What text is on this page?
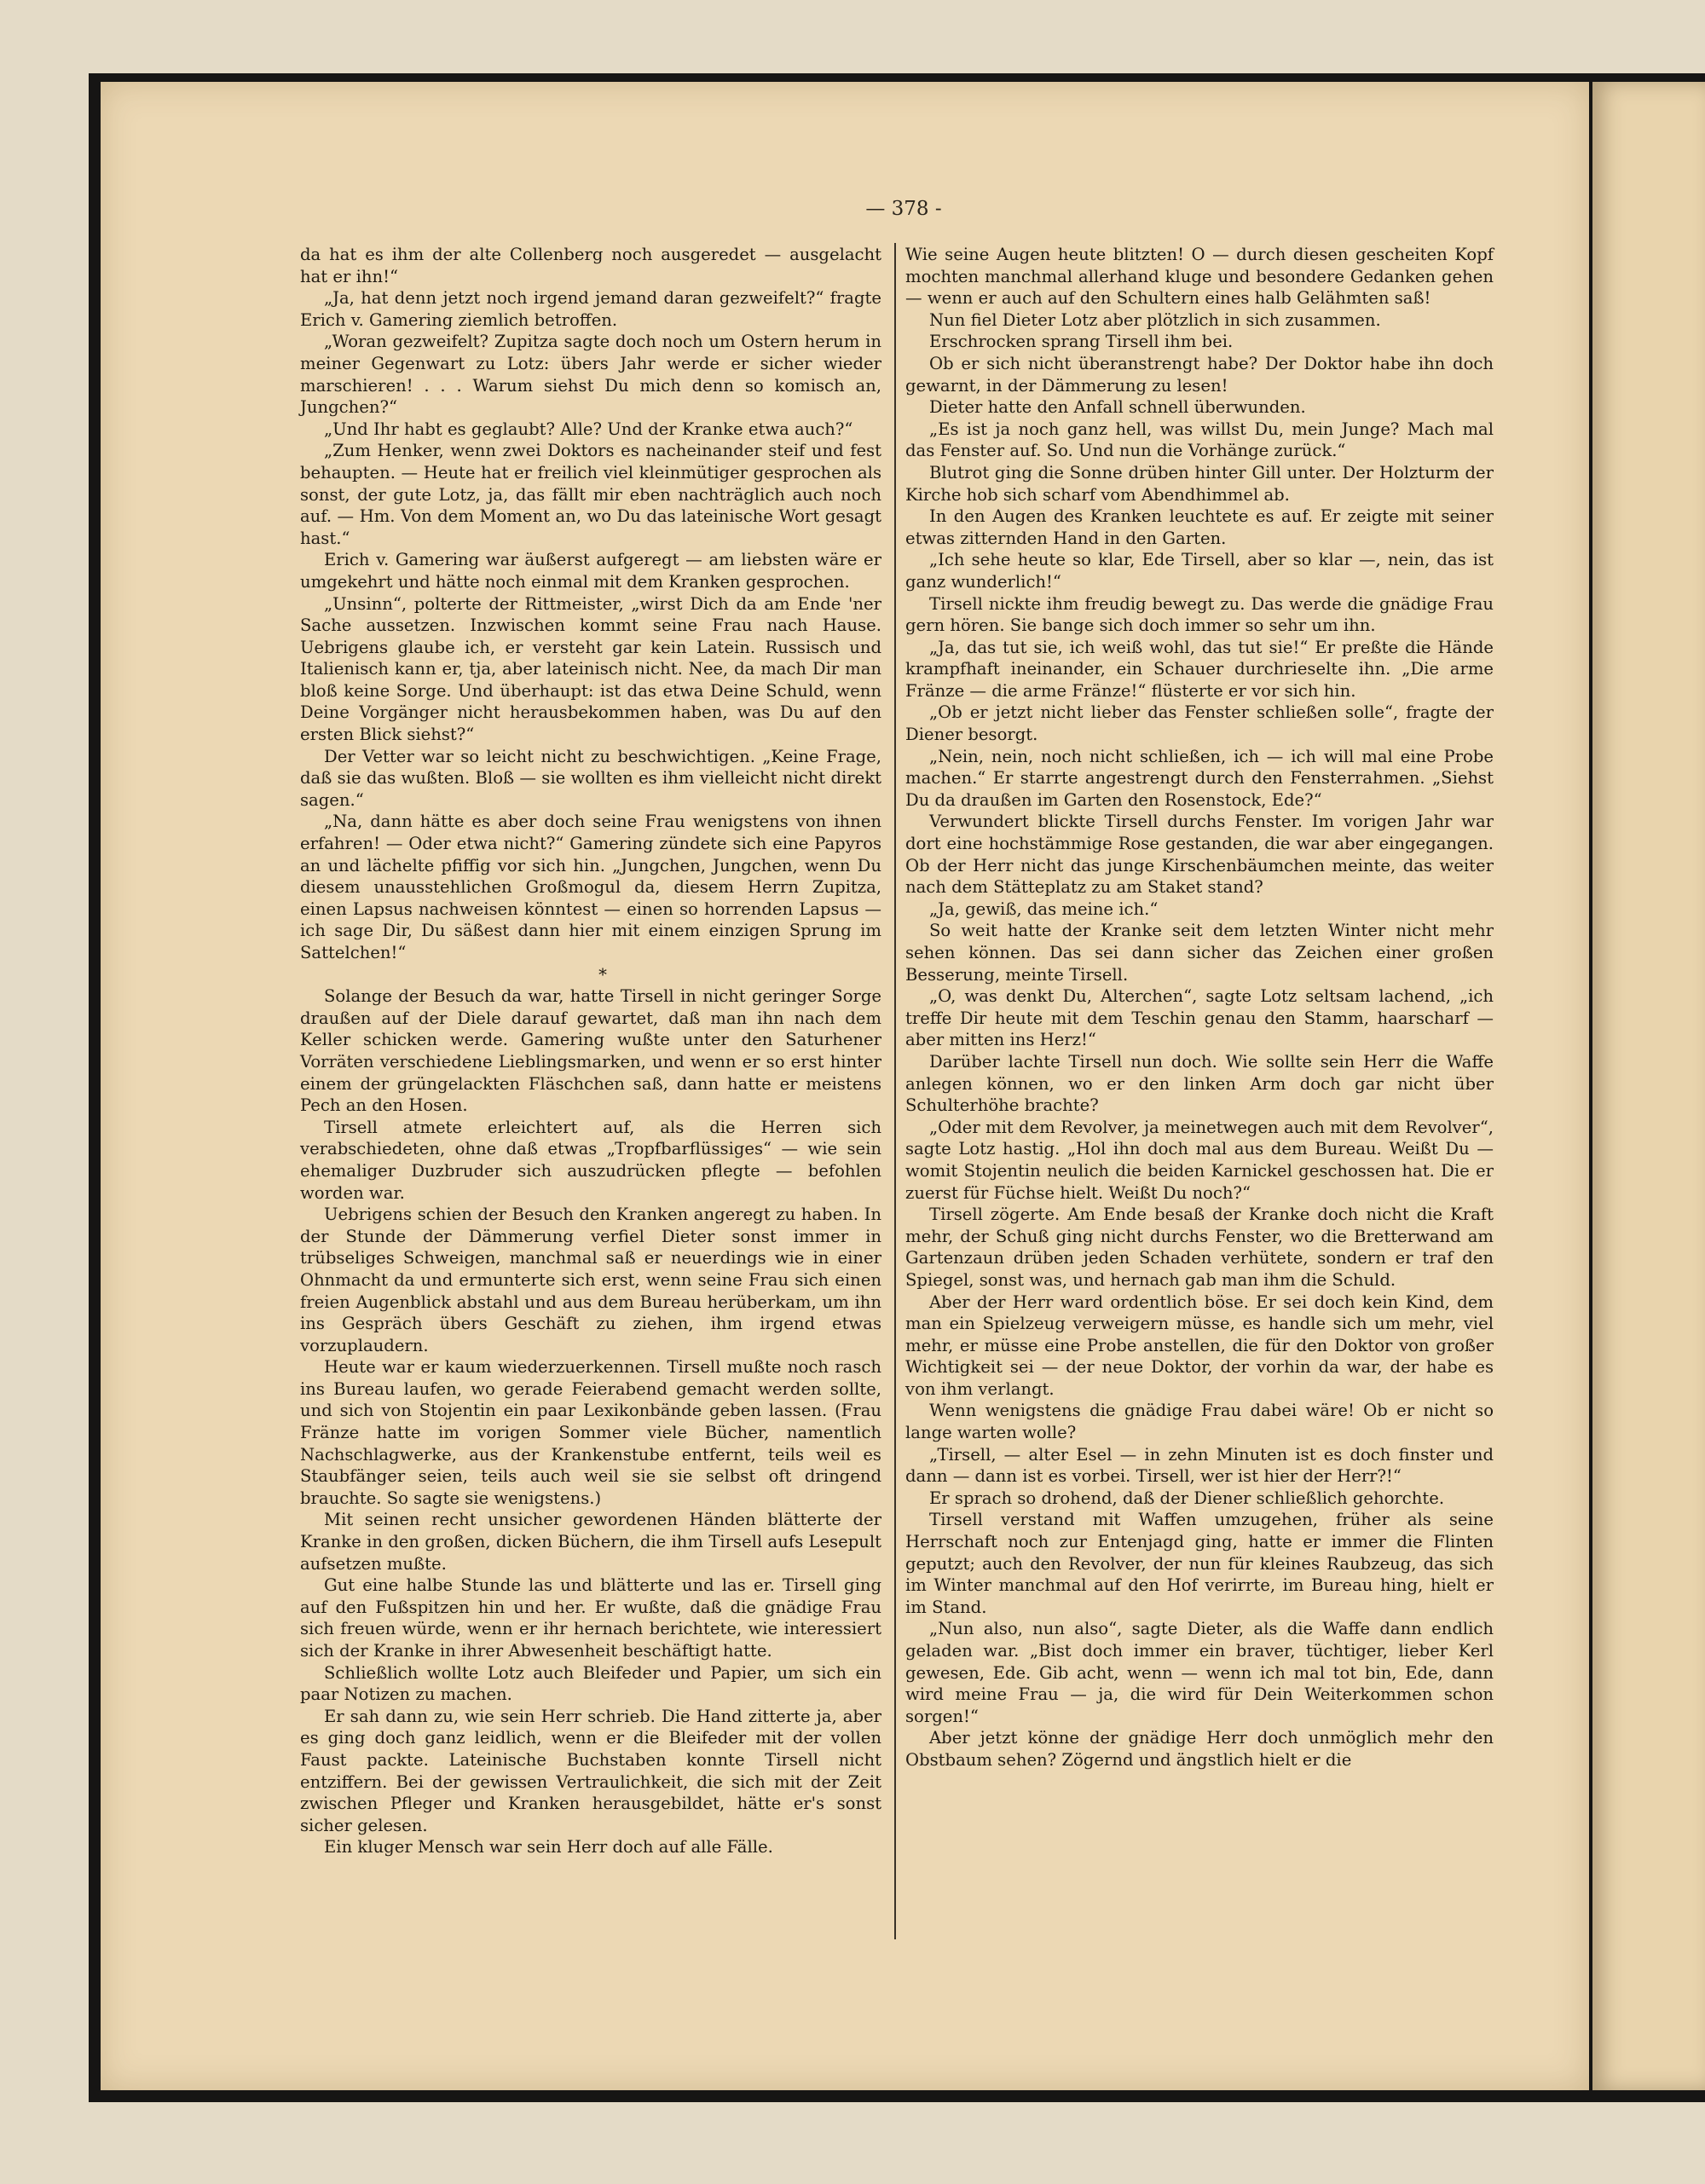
— 378 -

da hat es ihm der alte Collenberg noch ausgeredet — ausgelacht hat er ihn!“

„Ja, hat denn jetzt noch irgend jemand daran gezweifelt?“ fragte Erich v. Gamering ziemlich betroffen.

„Woran gezweifelt? Zupitza sagte doch noch um Ostern herum in meiner Gegenwart zu Lotz: übers Jahr werde er sicher wieder marschieren! . . . Warum siehst Du mich denn so komisch an, Jungchen?“

„Und Ihr habt es geglaubt? Alle? Und der Kranke etwa auch?“

„Zum Henker, wenn zwei Doktors es nacheinander steif und fest behaupten. — Heute hat er freilich viel kleinmütiger gesprochen als sonst, der gute Lotz, ja, das fällt mir eben nachträglich auch noch auf. — Hm. Von dem Moment an, wo Du das lateinische Wort gesagt hast.“

Erich v. Gamering war äußerst aufgeregt — am liebsten wäre er umgekehrt und hätte noch einmal mit dem Kranken gesprochen.

„Unsinn“, polterte der Rittmeister, „wirst Dich da am Ende 'ner Sache aussetzen. Inzwischen kommt seine Frau nach Hause. Uebrigens glaube ich, er versteht gar kein Latein. Russisch und Italienisch kann er, tja, aber lateinisch nicht. Nee, da mach Dir man bloß keine Sorge. Und überhaupt: ist das etwa Deine Schuld, wenn Deine Vorgänger nicht herausbekommen haben, was Du auf den ersten Blick siehst?“

Der Vetter war so leicht nicht zu beschwichtigen. „Keine Frage, daß sie das wußten. Bloß — sie wollten es ihm vielleicht nicht direkt sagen.“

„Na, dann hätte es aber doch seine Frau wenigstens von ihnen erfahren! — Oder etwa nicht?“ Gamering zündete sich eine Papyros an und lächelte pfiffig vor sich hin. „Jungchen, Jungchen, wenn Du diesem unausstehlichen Großmogul da, diesem Herrn Zupitza, einen Lapsus nachweisen könntest — einen so horrenden Lapsus — ich sage Dir, Du säßest dann hier mit einem einzigen Sprung im Sattelchen!“

*

Solange der Besuch da war, hatte Tirsell in nicht geringer Sorge draußen auf der Diele darauf gewartet, daß man ihn nach dem Keller schicken werde. Gamering wußte unter den Saturhener Vorräten verschiedene Lieblingsmarken, und wenn er so erst hinter einem der grüngelackten Fläschchen saß, dann hatte er meistens Pech an den Hosen.

Tirsell atmete erleichtert auf, als die Herren sich verabschiedeten, ohne daß etwas „Tropfbarflüssiges“ — wie sein ehemaliger Duzbruder sich auszudrücken pflegte — befohlen worden war.

Uebrigens schien der Besuch den Kranken angeregt zu haben. In der Stunde der Dämmerung verfiel Dieter sonst immer in trübseliges Schweigen, manchmal saß er neuerdings wie in einer Ohnmacht da und ermunterte sich erst, wenn seine Frau sich einen freien Augenblick abstahl und aus dem Bureau herüberkam, um ihn ins Gespräch übers Geschäft zu ziehen, ihm irgend etwas vorzuplaudern.

Heute war er kaum wiederzuerkennen. Tirsell mußte noch rasch ins Bureau laufen, wo gerade Feierabend gemacht werden sollte, und sich von Stojentin ein paar Lexikonbände geben lassen. (Frau Fränze hatte im vorigen Sommer viele Bücher, namentlich Nachschlagwerke, aus der Krankenstube entfernt, teils weil es Staubfänger seien, teils auch weil sie sie selbst oft dringend brauchte. So sagte sie wenigstens.)

Mit seinen recht unsicher gewordenen Händen blätterte der Kranke in den großen, dicken Büchern, die ihm Tirsell aufs Lesepult aufsetzen mußte.

Gut eine halbe Stunde las und blätterte und las er. Tirsell ging auf den Fußspitzen hin und her. Er wußte, daß die gnädige Frau sich freuen würde, wenn er ihr hernach berichtete, wie interessiert sich der Kranke in ihrer Abwesenheit beschäftigt hatte.

Schließlich wollte Lotz auch Bleifeder und Papier, um sich ein paar Notizen zu machen.

Er sah dann zu, wie sein Herr schrieb. Die Hand zitterte ja, aber es ging doch ganz leidlich, wenn er die Bleifeder mit der vollen Faust packte. Lateinische Buchstaben konnte Tirsell nicht entziffern. Bei der gewissen Vertraulichkeit, die sich mit der Zeit zwischen Pfleger und Kranken herausgebildet, hätte er's sonst sicher gelesen.

Ein kluger Mensch war sein Herr doch auf alle Fälle.

Wie seine Augen heute blitzten! O — durch diesen gescheiten Kopf mochten manchmal allerhand kluge und besondere Gedanken gehen — wenn er auch auf den Schultern eines halb Gelähmten saß!

Nun fiel Dieter Lotz aber plötzlich in sich zusammen.

Erschrocken sprang Tirsell ihm bei.

Ob er sich nicht überanstrengt habe? Der Doktor habe ihn doch gewarnt, in der Dämmerung zu lesen!

Dieter hatte den Anfall schnell überwunden.

„Es ist ja noch ganz hell, was willst Du, mein Junge? Mach mal das Fenster auf. So. Und nun die Vorhänge zurück.“

Blutrot ging die Sonne drüben hinter Gill unter. Der Holzturm der Kirche hob sich scharf vom Abendhimmel ab.

In den Augen des Kranken leuchtete es auf. Er zeigte mit seiner etwas zitternden Hand in den Garten.

„Ich sehe heute so klar, Ede Tirsell, aber so klar —, nein, das ist ganz wunderlich!“

Tirsell nickte ihm freudig bewegt zu. Das werde die gnädige Frau gern hören. Sie bange sich doch immer so sehr um ihn.

„Ja, das tut sie, ich weiß wohl, das tut sie!“ Er preßte die Hände krampfhaft ineinander, ein Schauer durchrieselte ihn. „Die arme Fränze — die arme Fränze!“ flüsterte er vor sich hin.

„Ob er jetzt nicht lieber das Fenster schließen solle“, fragte der Diener besorgt.

„Nein, nein, noch nicht schließen, ich — ich will mal eine Probe machen.“ Er starrte angestrengt durch den Fensterrahmen. „Siehst Du da draußen im Garten den Rosenstock, Ede?“

Verwundert blickte Tirsell durchs Fenster. Im vorigen Jahr war dort eine hochstämmige Rose gestanden, die war aber eingegangen. Ob der Herr nicht das junge Kirschenbäumchen meinte, das weiter nach dem Stätteplatz zu am Staket stand?

„Ja, gewiß, das meine ich.“

So weit hatte der Kranke seit dem letzten Winter nicht mehr sehen können. Das sei dann sicher das Zeichen einer großen Besserung, meinte Tirsell.

„O, was denkt Du, Alterchen“, sagte Lotz seltsam lachend, „ich treffe Dir heute mit dem Teschin genau den Stamm, haarscharf — aber mitten ins Herz!“

Darüber lachte Tirsell nun doch. Wie sollte sein Herr die Waffe anlegen können, wo er den linken Arm doch gar nicht über Schulterhöhe brachte?

„Oder mit dem Revolver, ja meinetwegen auch mit dem Revolver“, sagte Lotz hastig. „Hol ihn doch mal aus dem Bureau. Weißt Du — womit Stojentin neulich die beiden Karnickel geschossen hat. Die er zuerst für Füchse hielt. Weißt Du noch?“

Tirsell zögerte. Am Ende besaß der Kranke doch nicht die Kraft mehr, der Schuß ging nicht durchs Fenster, wo die Bretterwand am Gartenzaun drüben jeden Schaden verhütete, sondern er traf den Spiegel, sonst was, und hernach gab man ihm die Schuld.

Aber der Herr ward ordentlich böse. Er sei doch kein Kind, dem man ein Spielzeug verweigern müsse, es handle sich um mehr, viel mehr, er müsse eine Probe anstellen, die für den Doktor von großer Wichtigkeit sei — der neue Doktor, der vorhin da war, der habe es von ihm verlangt.

Wenn wenigstens die gnädige Frau dabei wäre! Ob er nicht so lange warten wolle?

„Tirsell, — alter Esel — in zehn Minuten ist es doch finster und dann — dann ist es vorbei. Tirsell, wer ist hier der Herr?!“

Er sprach so drohend, daß der Diener schließlich gehorchte.

Tirsell verstand mit Waffen umzugehen, früher als seine Herrschaft noch zur Entenjagd ging, hatte er immer die Flinten geputzt; auch den Revolver, der nun für kleines Raubzeug, das sich im Winter manchmal auf den Hof verirrte, im Bureau hing, hielt er im Stand.

„Nun also, nun also“, sagte Dieter, als die Waffe dann endlich geladen war. „Bist doch immer ein braver, tüchtiger, lieber Kerl gewesen, Ede. Gib acht, wenn — wenn ich mal tot bin, Ede, dann wird meine Frau — ja, die wird für Dein Weiterkommen schon sorgen!“

Aber jetzt könne der gnädige Herr doch unmöglich mehr den Obstbaum sehen? Zögernd und ängstlich hielt er die
